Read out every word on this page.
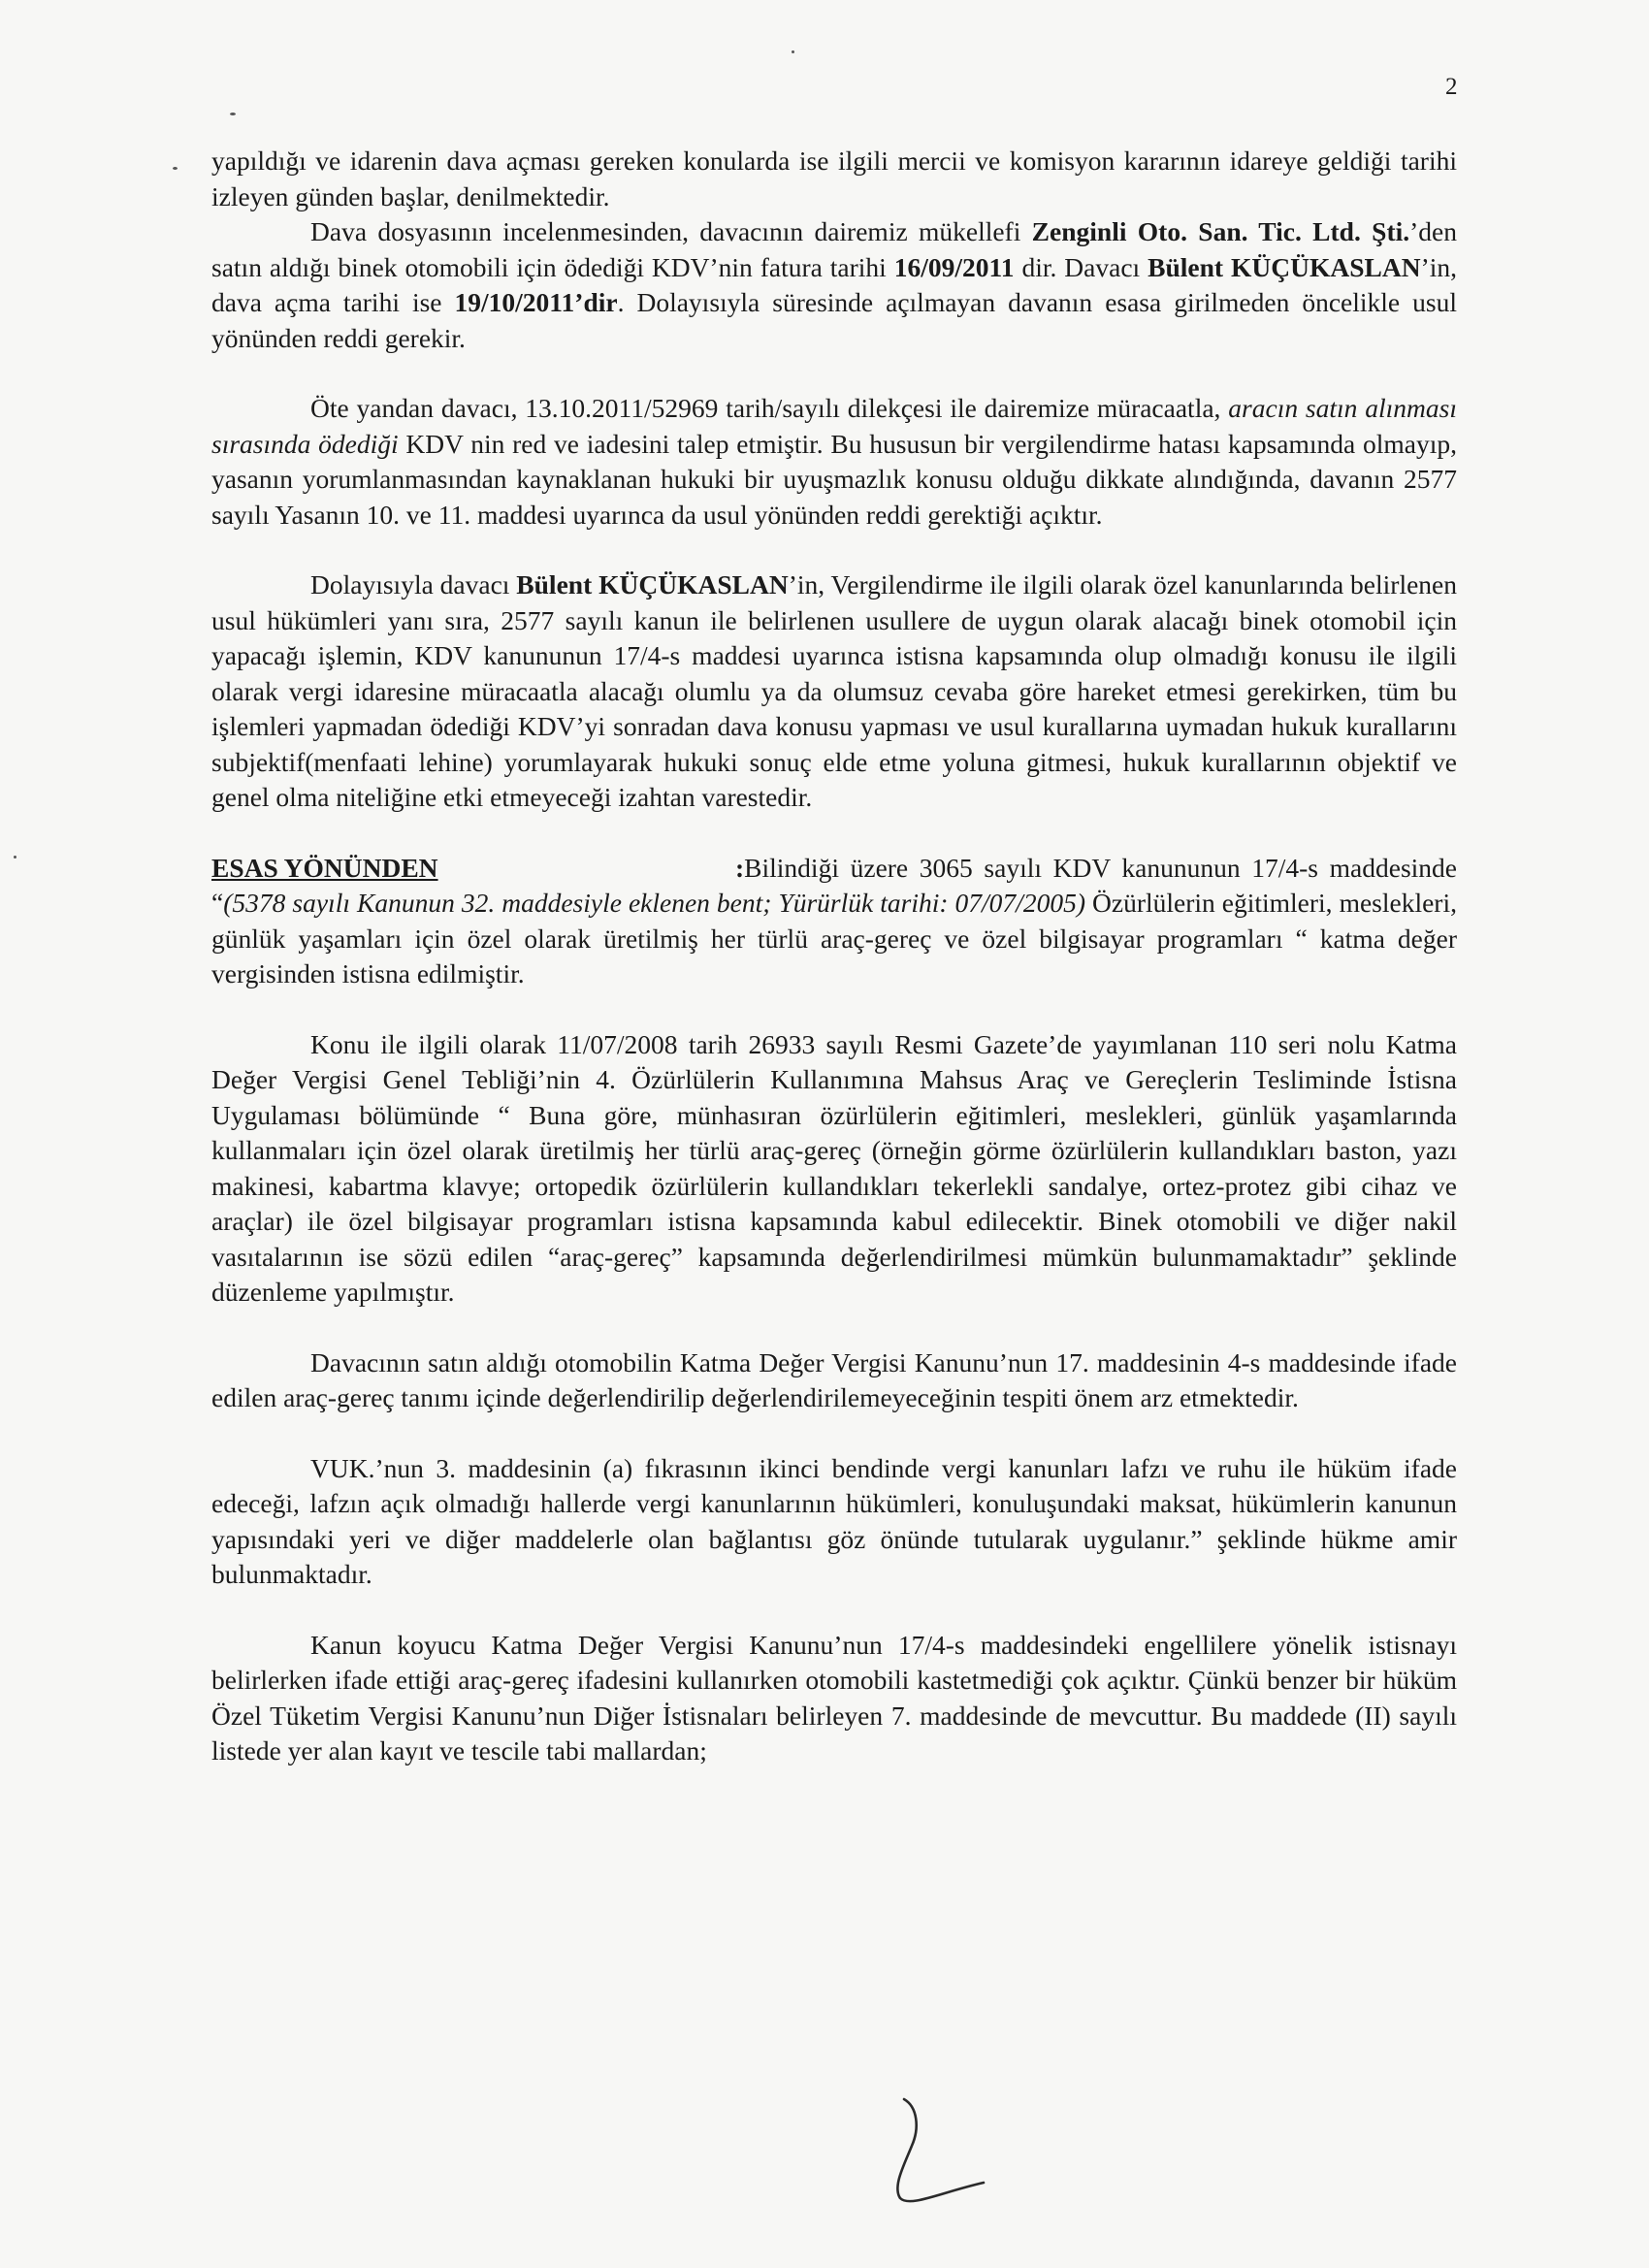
2

yapıldığı ve idarenin dava açması gereken konularda ise ilgili mercii ve komisyon kararının idareye geldiği tarihi izleyen günden başlar, denilmektedir.

Dava dosyasının incelenmesinden, davacının dairemiz mükellefi Zenginli Oto. San. Tic. Ltd. Şti.’den satın aldığı binek otomobili için ödediği KDV’nin fatura tarihi 16/09/2011 dir. Davacı Bülent KÜÇÜKASLAN’in, dava açma tarihi ise 19/10/2011’dir. Dolayısıyla süresinde açılmayan davanın esasa girilmeden öncelikle usul yönünden reddi gerekir.

Öte yandan davacı, 13.10.2011/52969 tarih/sayılı dilekçesi ile dairemize müracaatla, aracın satın alınması sırasında ödediği KDV nin red ve iadesini talep etmiştir. Bu hususun bir vergilendirme hatası kapsamında olmayıp, yasanın yorumlanmasından kaynaklanan hukuki bir uyuşmazlık konusu olduğu dikkate alındığında, davanın 2577 sayılı Yasanın 10. ve 11. maddesi uyarınca da usul yönünden reddi gerektiği açıktır.

Dolayısıyla davacı Bülent KÜÇÜKASLAN’in, Vergilendirme ile ilgili olarak özel kanunlarında belirlenen usul hükümleri yanı sıra, 2577 sayılı kanun ile belirlenen usullere de uygun olarak alacağı binek otomobil için yapacağı işlemin, KDV kanununun 17/4-s maddesi uyarınca istisna kapsamında olup olmadığı konusu ile ilgili olarak vergi idaresine müracaatla alacağı olumlu ya da olumsuz cevaba göre hareket etmesi gerekirken, tüm bu işlemleri yapmadan ödediği KDV’yi sonradan dava konusu yapması ve usul kurallarına uymadan hukuk kurallarını subjektif(menfaati lehine) yorumlayarak hukuki sonuç elde etme yoluna gitmesi, hukuk kurallarının objektif ve genel olma niteliğine etki etmeyeceği izahtan varestedir.

ESAS YÖNÜNDEN	:Bilindiği üzere 3065 sayılı KDV kanununun 17/4-s maddesinde “(5378 sayılı Kanunun 32. maddesiyle eklenen bent; Yürürlük tarihi: 07/07/2005) Özürlülerin eğitimleri, meslekleri, günlük yaşamları için özel olarak üretilmiş her türlü araç-gereç ve özel bilgisayar programları “ katma değer vergisinden istisna edilmiştir.

Konu ile ilgili olarak 11/07/2008 tarih 26933 sayılı Resmi Gazete’de yayımlanan 110 seri nolu Katma Değer Vergisi Genel Tebliği’nin 4. Özürlülerin Kullanımına Mahsus Araç ve Gereçlerin Tesliminde İstisna Uygulaması bölümünde “ Buna göre, münhasıran özürlülerin eğitimleri, meslekleri, günlük yaşamlarında kullanmaları için özel olarak üretilmiş her türlü araç-gereç (örneğin görme özürlülerin kullandıkları baston, yazı makinesi, kabartma klavye; ortopedik özürlülerin kullandıkları tekerlekli sandalye, ortez-protez gibi cihaz ve araçlar) ile özel bilgisayar programları istisna kapsamında kabul edilecektir. Binek otomobili ve diğer nakil vasıtalarının ise sözü edilen “araç-gereç” kapsamında değerlendirilmesi mümkün bulunmamaktadır” şeklinde düzenleme yapılmıştır.

Davacının satın aldığı otomobilin Katma Değer Vergisi Kanunu’nun 17. maddesinin 4-s maddesinde ifade edilen araç-gereç tanımı içinde değerlendirilip değerlendirilemeyeceğinin tespiti önem arz etmektedir.

VUK.’nun 3. maddesinin (a) fıkrasının ikinci bendinde vergi kanunları lafzı ve ruhu ile hüküm ifade edeceği, lafzın açık olmadığı hallerde vergi kanunlarının hükümleri, konuluşundaki maksat, hükümlerin kanunun yapısındaki yeri ve diğer maddelerle olan bağlantısı göz önünde tutularak uygulanır.” şeklinde hükme amir bulunmaktadır.

Kanun koyucu Katma Değer Vergisi Kanunu’nun 17/4-s maddesindeki engellilere yönelik istisnayı belirlerken ifade ettiği araç-gereç ifadesini kullanırken otomobili kastetmediği çok açıktır. Çünkü benzer bir hüküm Özel Tüketim Vergisi Kanunu’nun Diğer İstisnaları belirleyen 7. maddesinde de mevcuttur. Bu maddede (II) sayılı listede yer alan kayıt ve tescile tabi mallardan;
